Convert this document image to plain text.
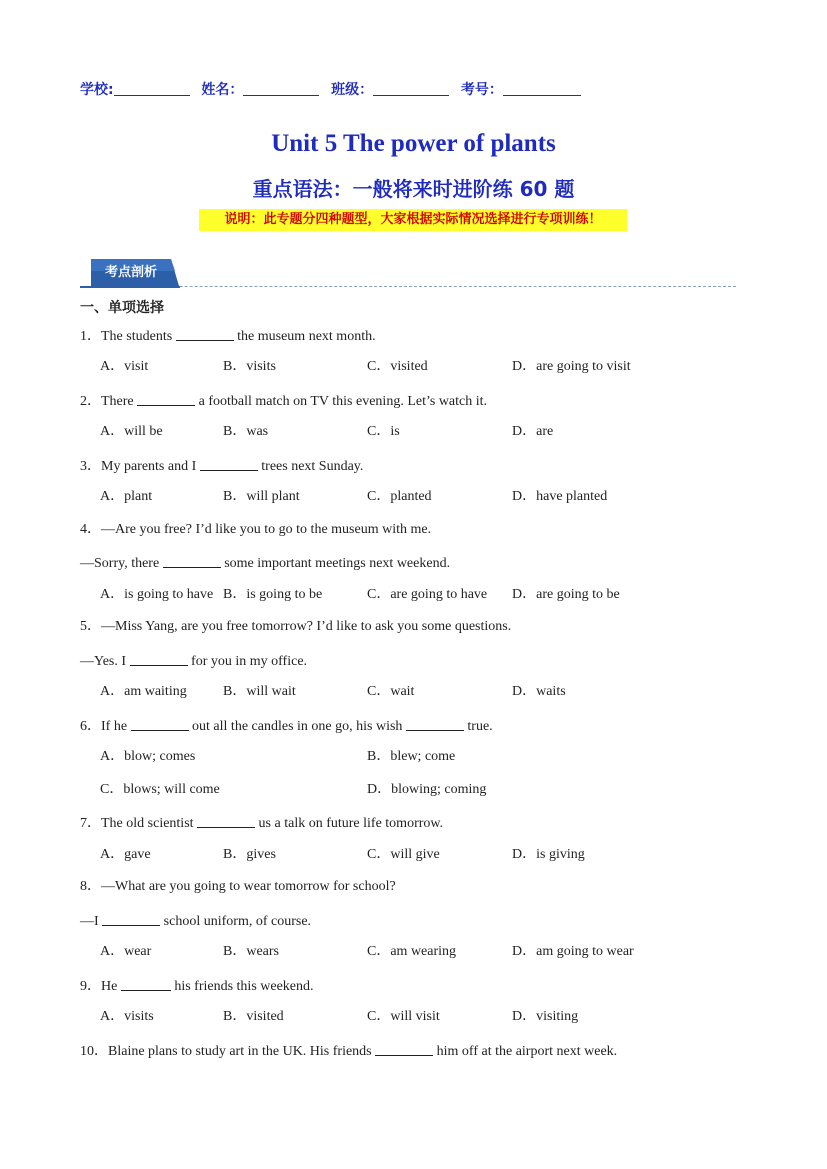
学校:	姓名：	班级：	考号：
Unit 5 The power of plants
重点语法：一般将来时进阶练 60 题
说明：此专题分四种题型，大家根据实际情况选择进行专项训练！
考点剖析
一、单项选择
1．The students	the museum next month.
A．visit	B．visits	C．visited	D．are going to visit
2．There	a football match on TV this evening. Let’s watch it.
A．will be	B．was	C．is	D．are
3．My parents and I	trees next Sunday.
A．plant	B．will plant	C．planted	D．have planted
4．—Are you free? I’d like you to go to the museum with me.
—Sorry, there	some important meetings next weekend.
A．is going to have B．is going to be	C．are going to have D．are going to be
5．—Miss Yang, are you free tomorrow? I’d like to ask you some questions.
—Yes. I	for you in my office.
A．am waiting	B．will wait	C．wait	D．waits
6．If he	out all the candles in one go, his wish	true.
A．blow; comes	B．blew; come
C．blows; will come	D．blowing; coming
7．The old scientist	us a talk on future life tomorrow.
A．gave	B．gives	C．will give	D．is giving
8．—What are you going to wear tomorrow for school?
—I	school uniform, of course.
A．wear	B．wears	C．am wearing	D．am going to wear
9．He	his friends this weekend.
A．visits	B．visited	C．will visit	D．visiting
10．Blaine plans to study art in the UK. His friends	him off at the airport next week.
